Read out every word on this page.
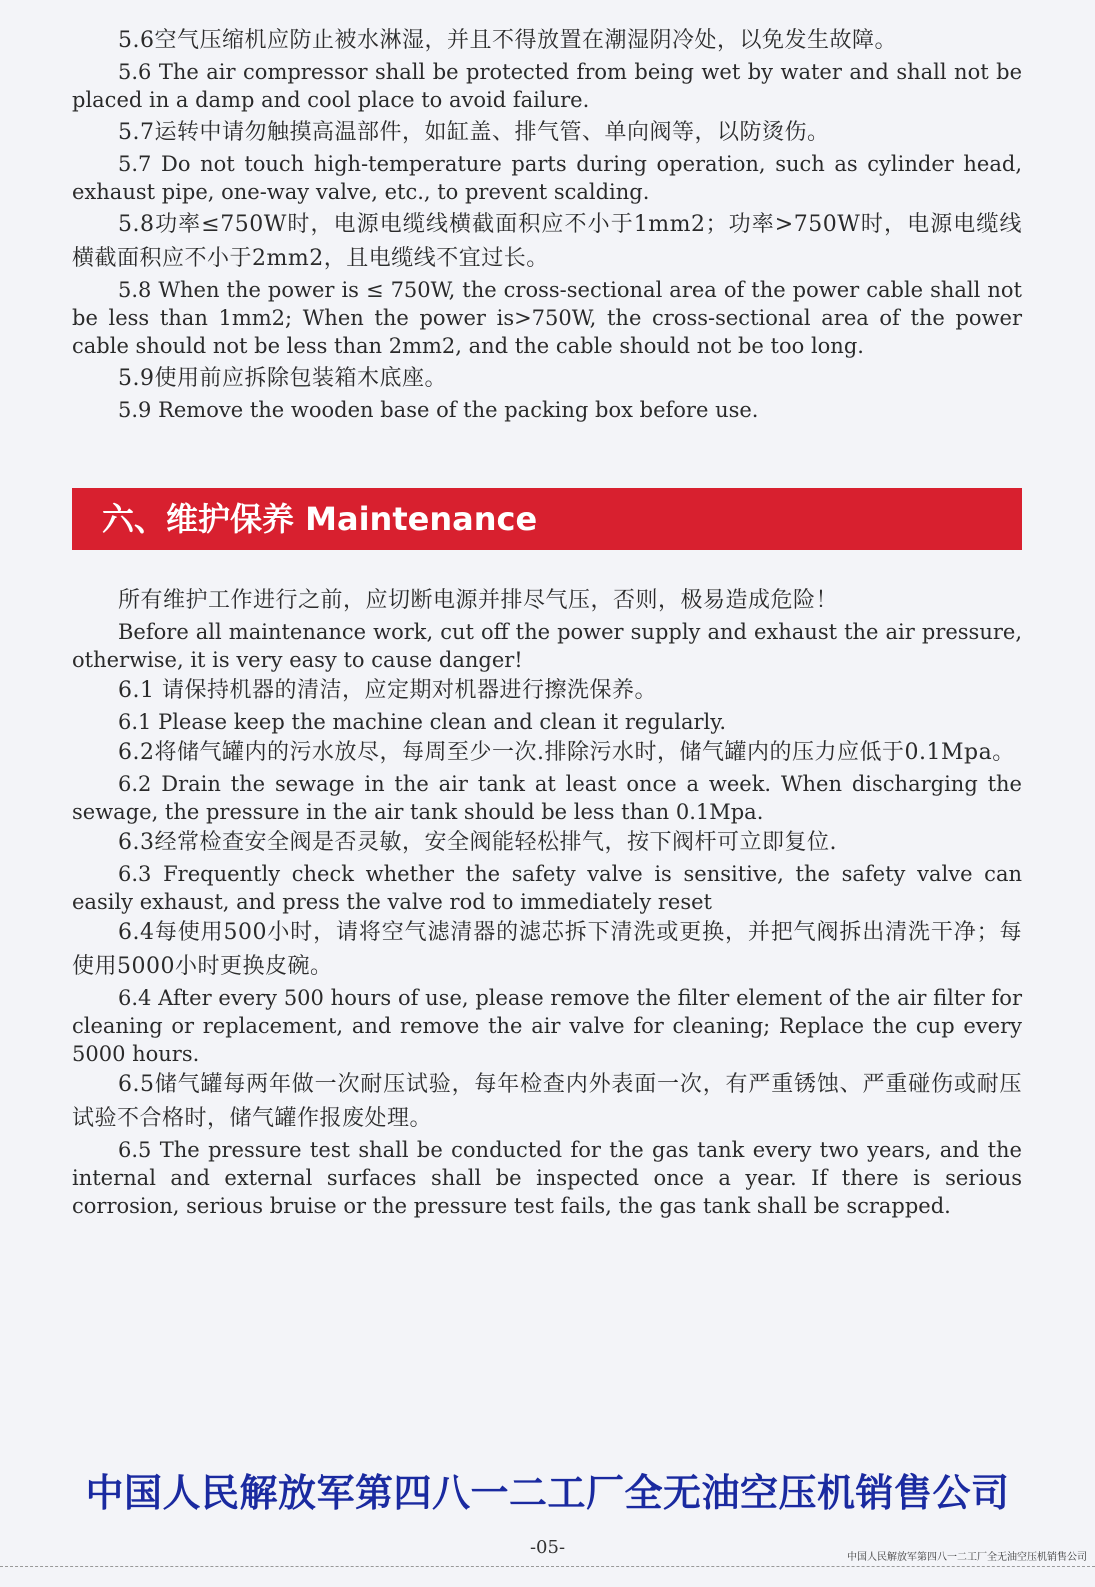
5.6空气压缩机应防止被水淋湿，并且不得放置在潮湿阴冷处，以免发生故障。

5.6 The air compressor shall be protected from being wet by water and shall not be placed in a damp and cool place to avoid failure.

5.7运转中请勿触摸高温部件，如缸盖、排气管、单向阀等，以防烫伤。

5.7 Do not touch high-temperature parts during operation, such as cylinder head, exhaust pipe, one-way valve, etc., to prevent scalding.

5.8功率≤750W时，电源电缆线横截面积应不小于1mm2；功率>750W时，电源电缆线横截面积应不小于2mm2，且电缆线不宜过长。

5.8 When the power is ≤ 750W, the cross-sectional area of the power cable shall not be less than 1mm2; When the power is>750W, the cross-sectional area of the power cable should not be less than 2mm2, and the cable should not be too long.

5.9使用前应拆除包装箱木底座。

5.9 Remove the wooden base of the packing box before use.

六、维护保养 Maintenance

所有维护工作进行之前，应切断电源并排尽气压，否则，极易造成危险！

Before all maintenance work, cut off the power supply and exhaust the air pressure, otherwise, it is very easy to cause danger!

6.1 请保持机器的清洁，应定期对机器进行擦洗保养。

6.1 Please keep the machine clean and clean it regularly.

6.2将储气罐内的污水放尽，每周至少一次.排除污水时，储气罐内的压力应低于0.1Mpa。

6.2 Drain the sewage in the air tank at least once a week. When discharging the sewage, the pressure in the air tank should be less than 0.1Mpa.

6.3经常检查安全阀是否灵敏，安全阀能轻松排气，按下阀杆可立即复位.

6.3 Frequently check whether the safety valve is sensitive, the safety valve can easily exhaust, and press the valve rod to immediately reset

6.4每使用500小时，请将空气滤清器的滤芯拆下清洗或更换，并把气阀拆出清洗干净；每使用5000小时更换皮碗。

6.4 After every 500 hours of use, please remove the filter element of the air filter for cleaning or replacement, and remove the air valve for cleaning; Replace the cup every 5000 hours.

6.5储气罐每两年做一次耐压试验，每年检查内外表面一次，有严重锈蚀、严重碰伤或耐压试验不合格时，储气罐作报废处理。

6.5 The pressure test shall be conducted for the gas tank every two years, and the internal and external surfaces shall be inspected once a year. If there is serious corrosion, serious bruise or the pressure test fails, the gas tank shall be scrapped.

中国人民解放军第四八一二工厂全无油空压机销售公司

-05-	中国人民解放军第四八一二工厂全无油空压机销售公司
